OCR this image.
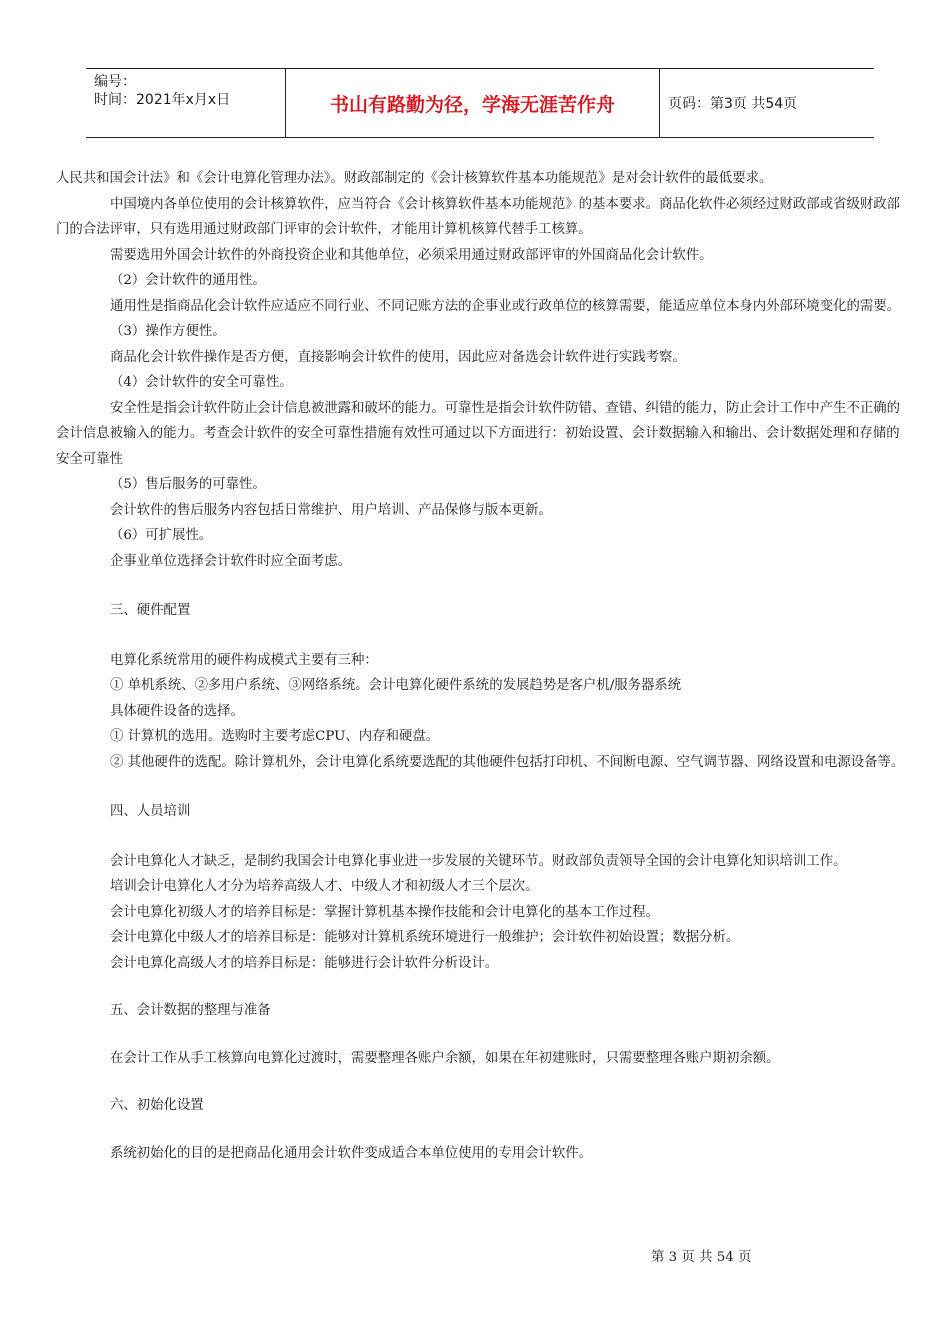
编号：
时间：2021年x月x日	书山有路勤为径，学海无涯苦作舟	页码：第3页 共54页

人民共和国会计法》和《会计电算化管理办法》。财政部制定的《会计核算软件基本功能规范》是对会计软件的最低要求。

中国境内各单位使用的会计核算软件，应当符合《会计核算软件基本功能规范》的基本要求。商品化软件必须经过财政部或省级财政部门的合法评审，只有选用通过财政部门评审的会计软件，才能用计算机核算代替手工核算。

需要选用外国会计软件的外商投资企业和其他单位，必须采用通过财政部评审的外国商品化会计软件。

（2）会计软件的通用性。

通用性是指商品化会计软件应适应不同行业、不同记账方法的企事业或行政单位的核算需要，能适应单位本身内外部环境变化的需要。

（3）操作方便性。

商品化会计软件操作是否方便，直接影响会计软件的使用，因此应对备选会计软件进行实践考察。

（4）会计软件的安全可靠性。

安全性是指会计软件防止会计信息被泄露和破坏的能力。可靠性是指会计软件防错、查错、纠错的能力，防止会计工作中产生不正确的会计信息被输入的能力。考查会计软件的安全可靠性措施有效性可通过以下方面进行：初始设置、会计数据输入和输出、会计数据处理和存储的安全可靠性

（5）售后服务的可靠性。

会计软件的售后服务内容包括日常维护、用户培训、产品保修与版本更新。

（6）可扩展性。

企事业单位选择会计软件时应全面考虑。

三、硬件配置

电算化系统常用的硬件构成模式主要有三种：

① 单机系统、②多用户系统、③网络系统。会计电算化硬件系统的发展趋势是客户机/服务器系统

具体硬件设备的选择。

① 计算机的选用。选购时主要考虑CPU、内存和硬盘。

② 其他硬件的选配。除计算机外，会计电算化系统要选配的其他硬件包括打印机、不间断电源、空气调节器、网络设置和电源设备等。

四、人员培训

会计电算化人才缺乏，是制约我国会计电算化事业进一步发展的关键环节。财政部负责领导全国的会计电算化知识培训工作。

培训会计电算化人才分为培养高级人才、中级人才和初级人才三个层次。

会计电算化初级人才的培养目标是：掌握计算机基本操作技能和会计电算化的基本工作过程。

会计电算化中级人才的培养目标是：能够对计算机系统环境进行一般维护；会计软件初始设置；数据分析。

会计电算化高级人才的培养目标是：能够进行会计软件分析设计。

五、会计数据的整理与准备

在会计工作从手工核算向电算化过渡时，需要整理各账户余额，如果在年初建账时，只需要整理各账户期初余额。

六、初始化设置

系统初始化的目的是把商品化通用会计软件变成适合本单位使用的专用会计软件。

第 3 页 共 54 页
